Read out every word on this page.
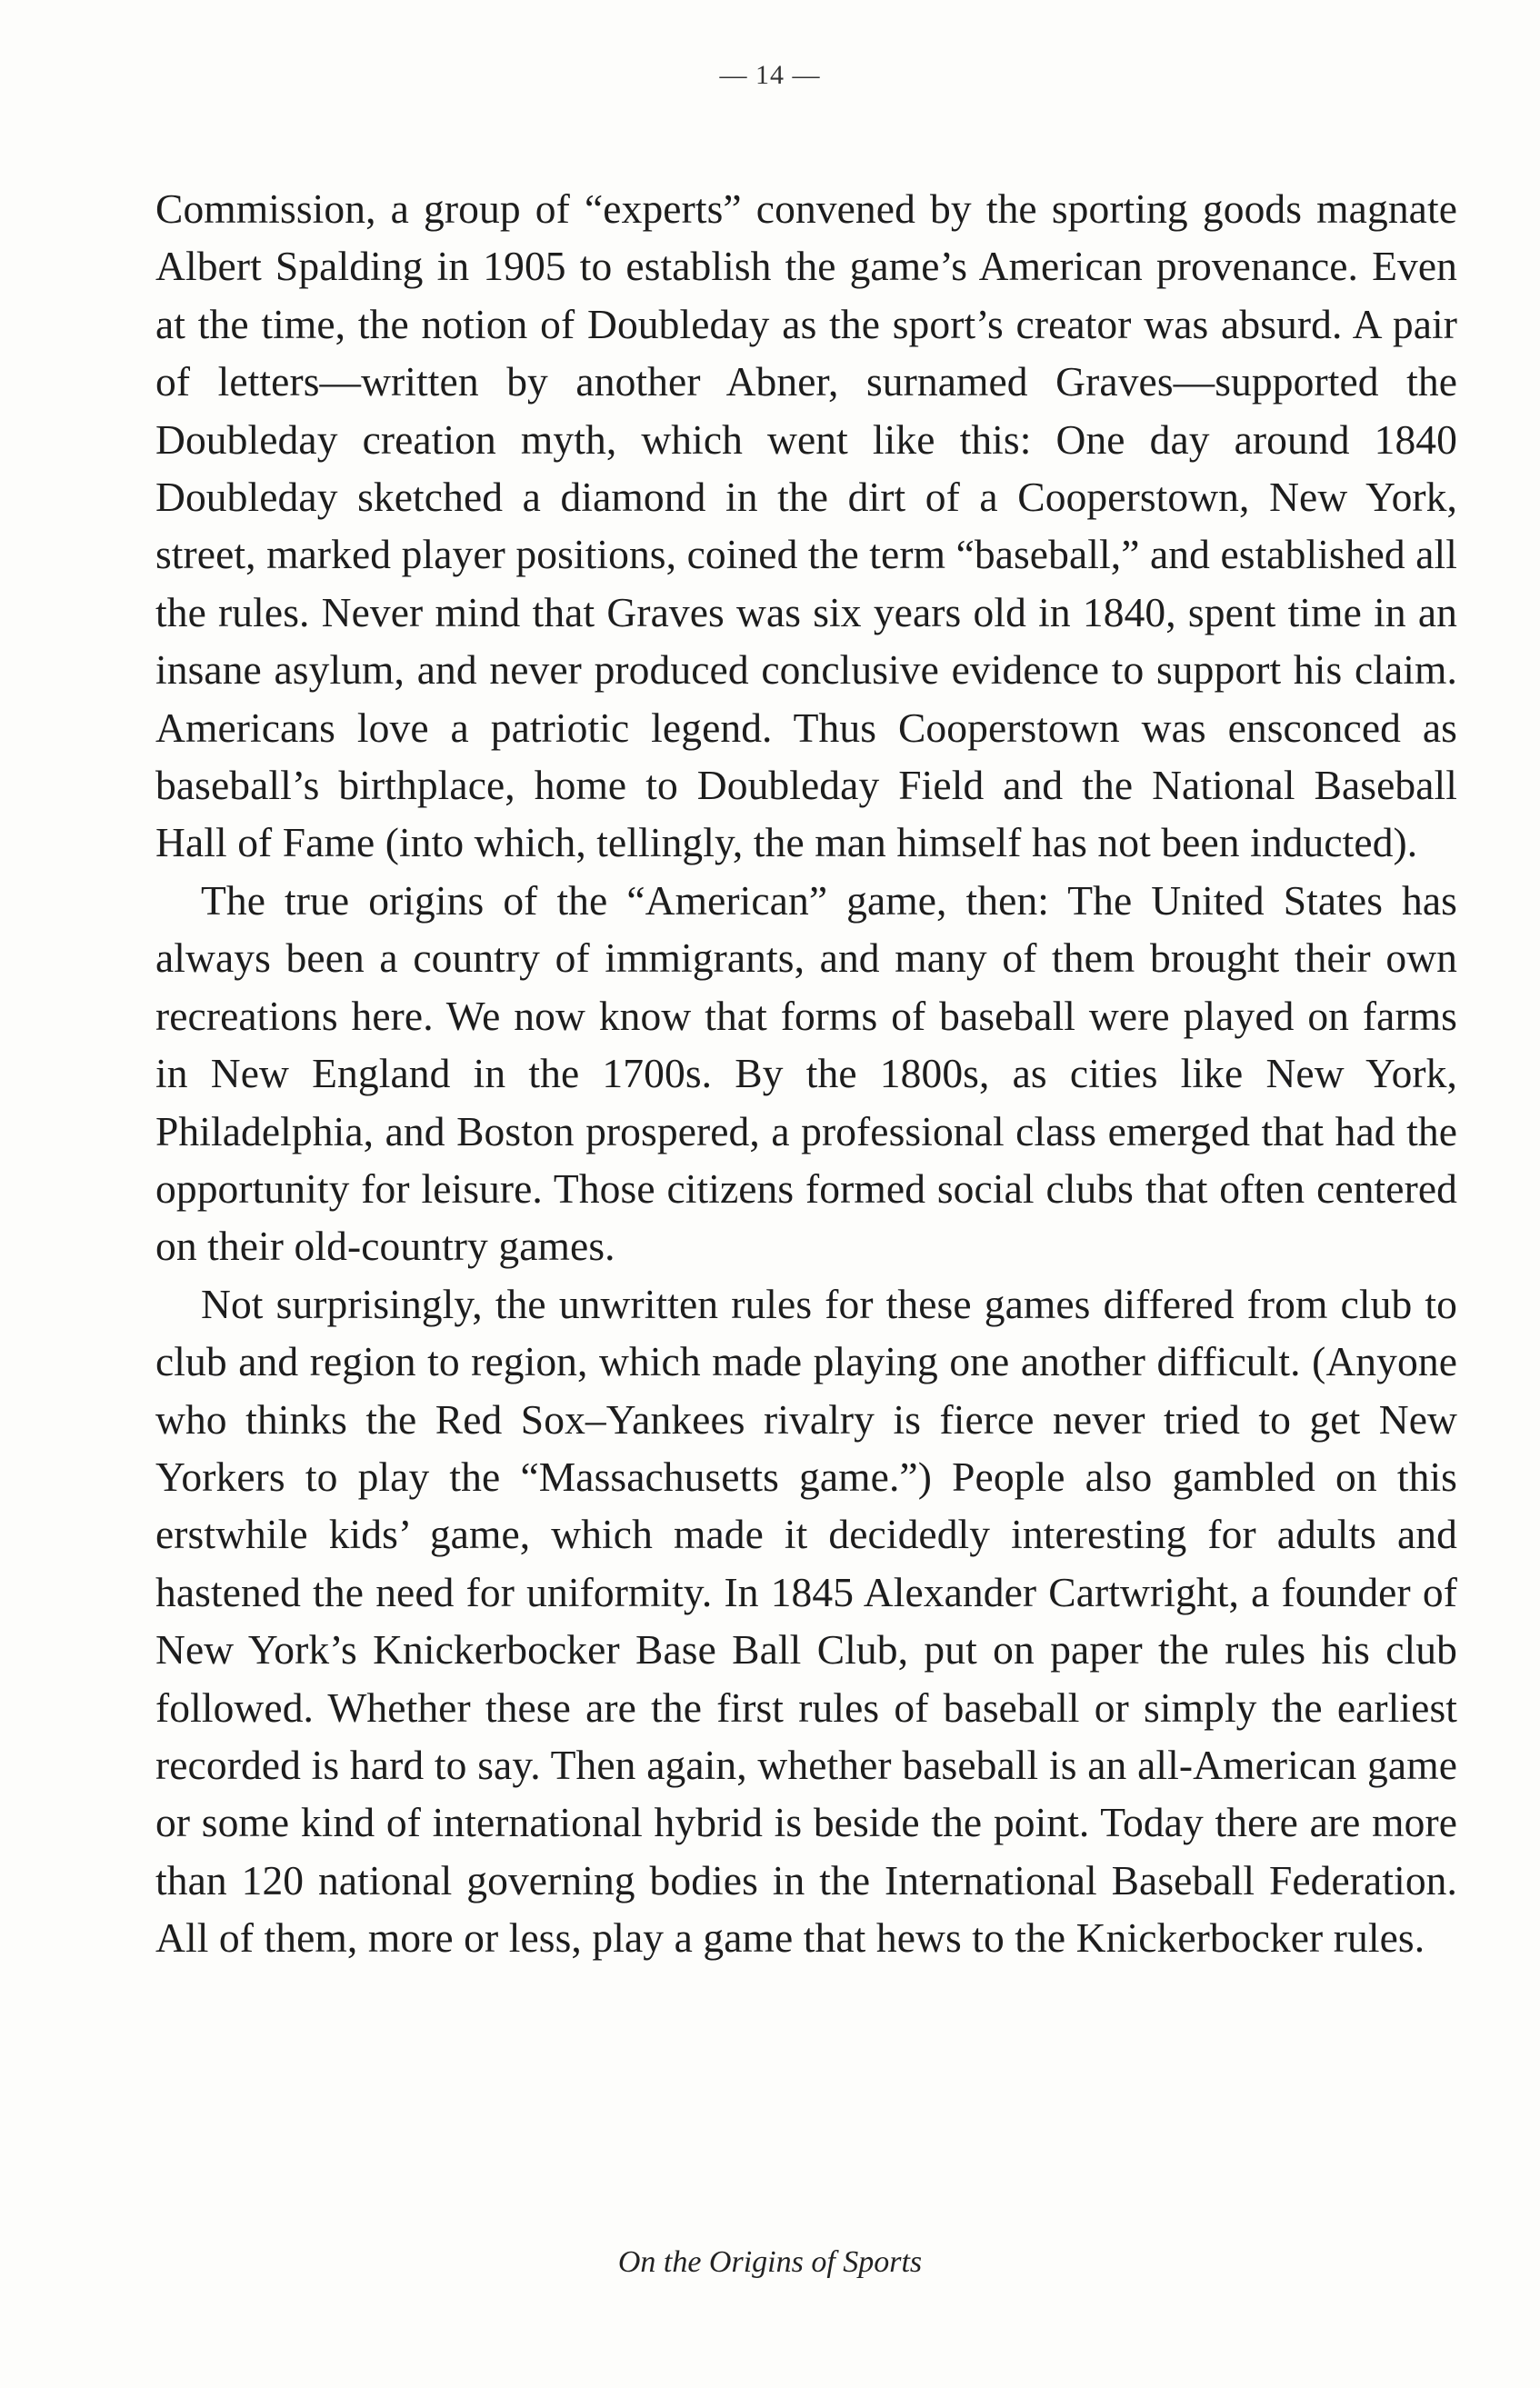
— 14 —

Commission, a group of “experts” convened by the sporting goods magnate Albert Spalding in 1905 to establish the game’s American provenance. Even at the time, the notion of Doubleday as the sport’s creator was absurd. A pair of letters—written by another Abner, surnamed Graves—supported the Doubleday creation myth, which went like this: One day around 1840 Doubleday sketched a diamond in the dirt of a Cooperstown, New York, street, marked player positions, coined the term “baseball,” and established all the rules. Never mind that Graves was six years old in 1840, spent time in an insane asylum, and never produced conclusive evidence to support his claim. Americans love a patriotic legend. Thus Cooperstown was ensconced as baseball’s birthplace, home to Doubleday Field and the National Baseball Hall of Fame (into which, tellingly, the man himself has not been inducted).

The true origins of the “American” game, then: The United States has always been a country of immigrants, and many of them brought their own recreations here. We now know that forms of baseball were played on farms in New England in the 1700s. By the 1800s, as cities like New York, Philadelphia, and Boston prospered, a professional class emerged that had the opportunity for leisure. Those citizens formed social clubs that often centered on their old-country games.

Not surprisingly, the unwritten rules for these games differed from club to club and region to region, which made playing one another difficult. (Anyone who thinks the Red Sox–Yankees rivalry is fierce never tried to get New Yorkers to play the “Massachusetts game.”) People also gambled on this erstwhile kids’ game, which made it decidedly interesting for adults and hastened the need for uniformity. In 1845 Alexander Cartwright, a founder of New York’s Knickerbocker Base Ball Club, put on paper the rules his club followed. Whether these are the first rules of baseball or simply the earliest recorded is hard to say. Then again, whether baseball is an all-American game or some kind of international hybrid is beside the point. Today there are more than 120 national governing bodies in the International Baseball Federation. All of them, more or less, play a game that hews to the Knickerbocker rules.

On the Origins of Sports
